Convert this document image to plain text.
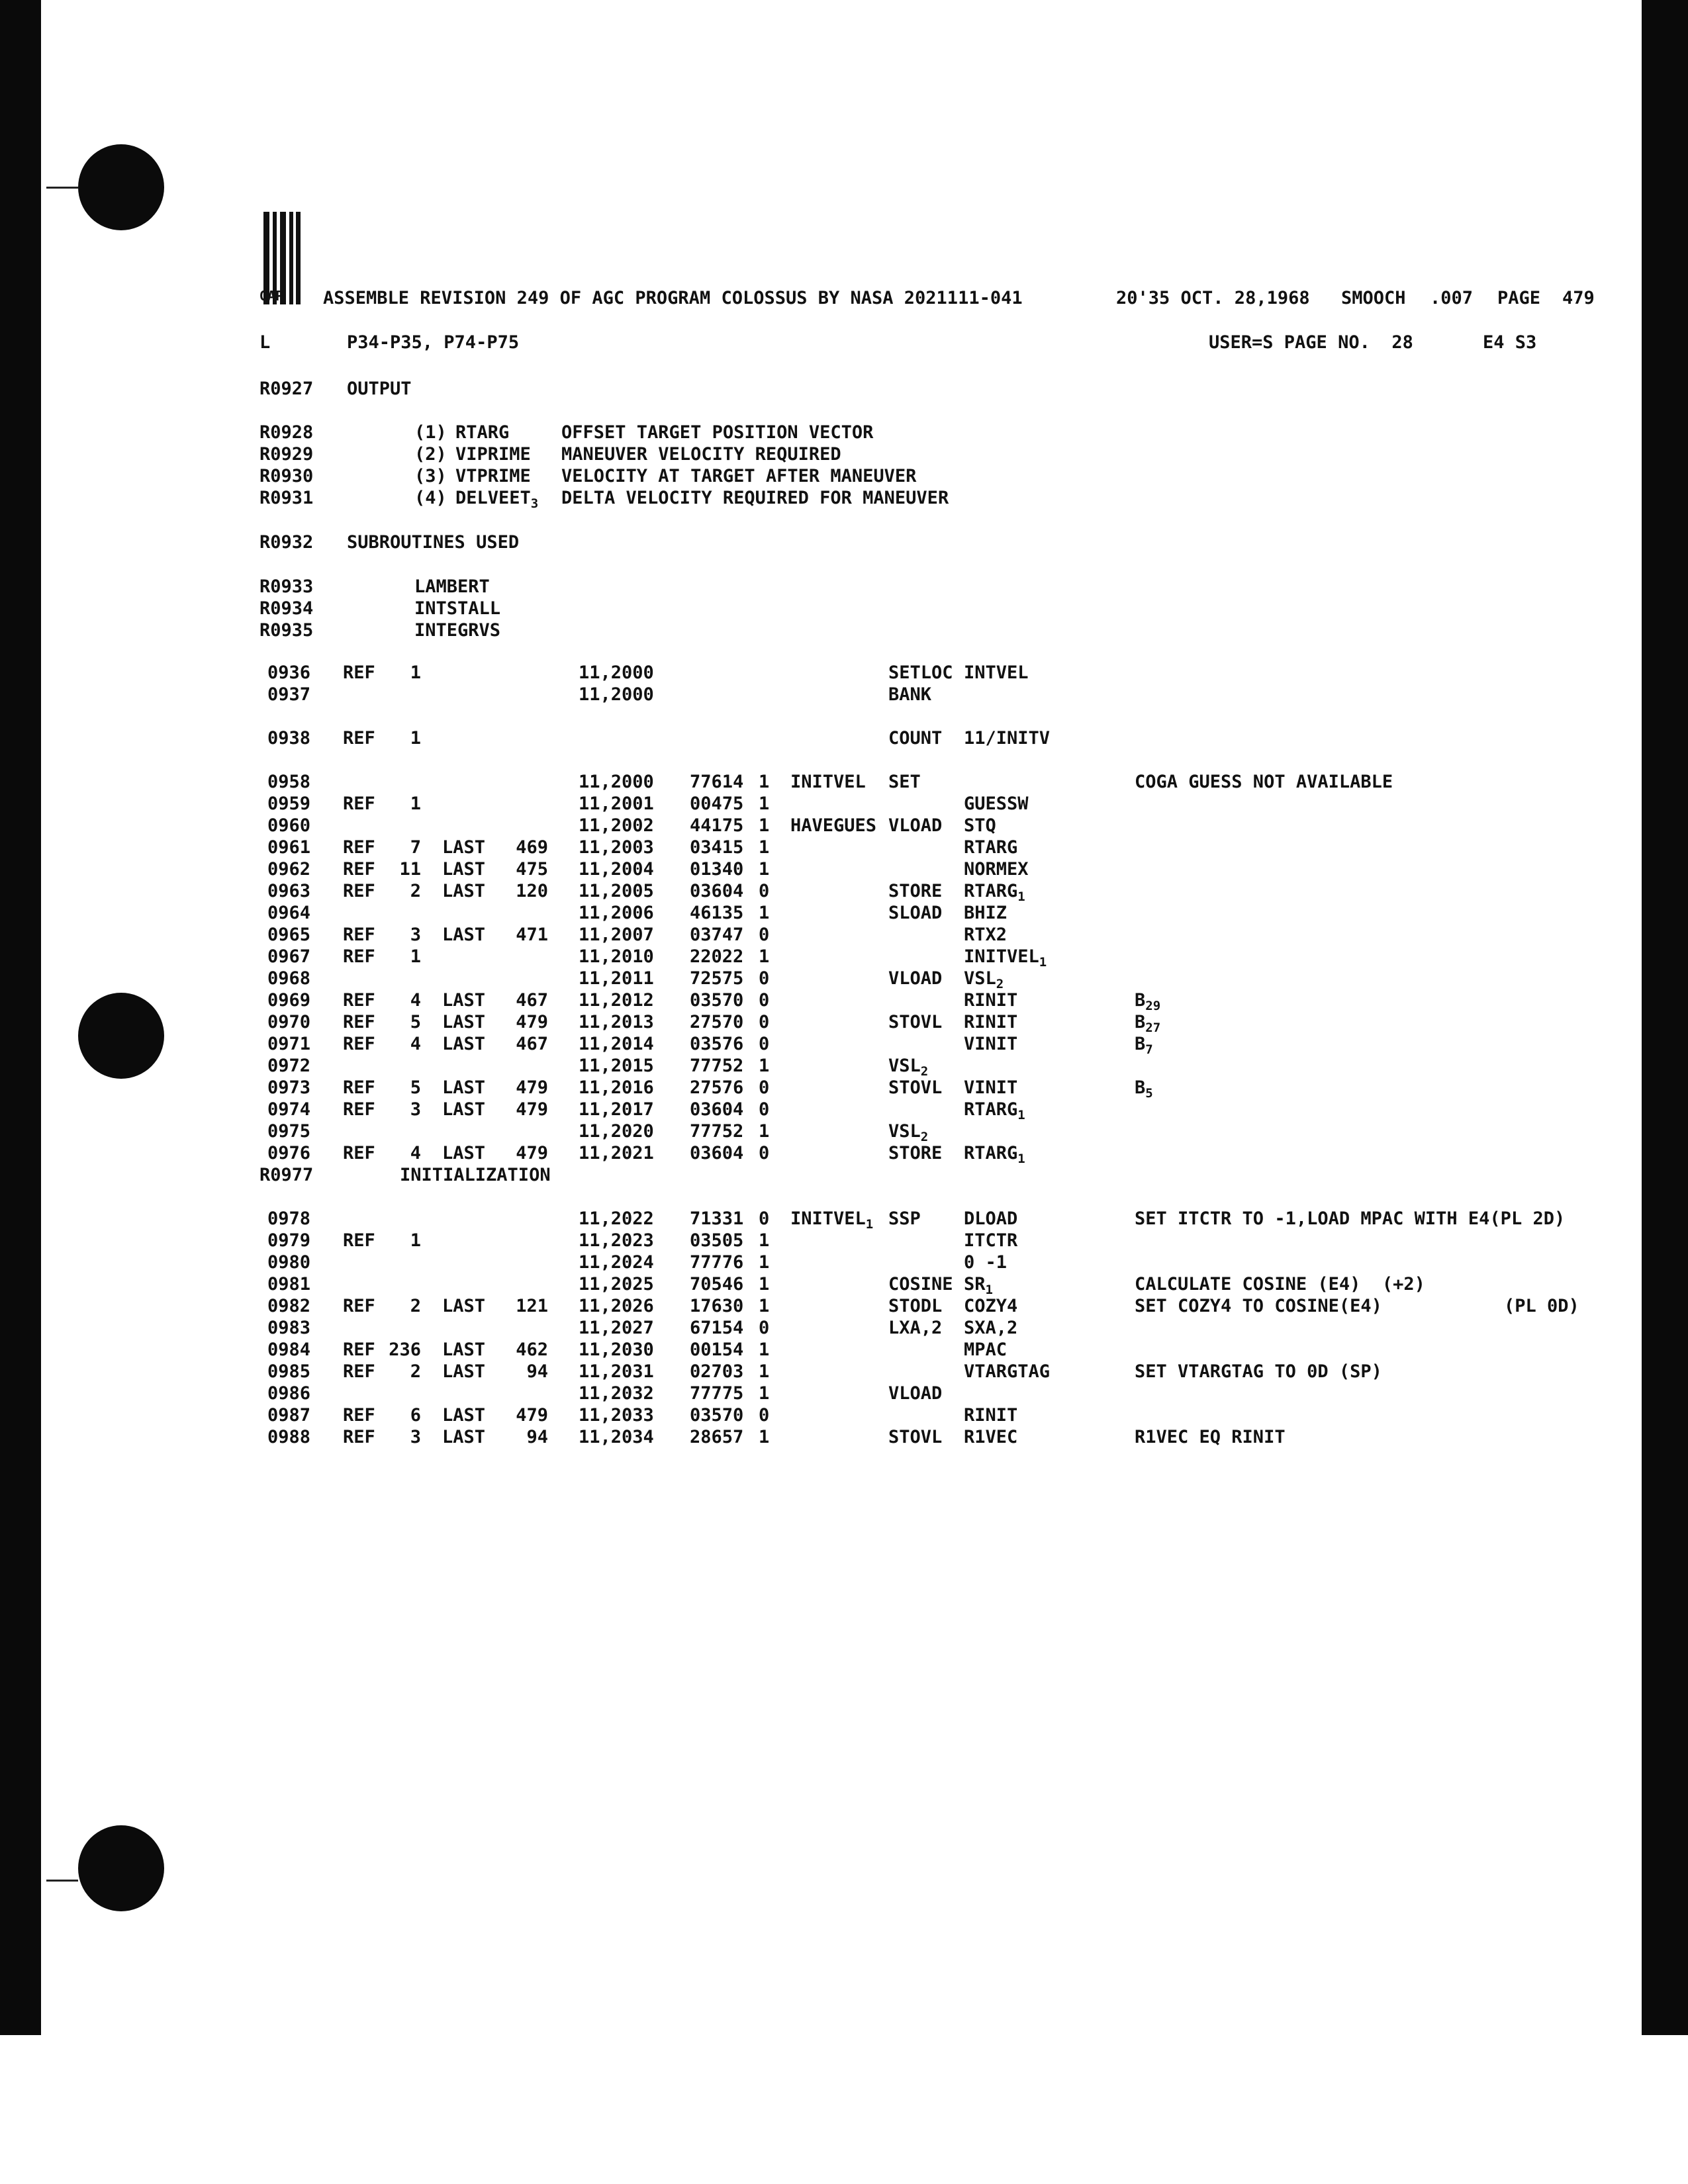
GAP ASSEMBLE REVISION 249 OF AGC PROGRAM COLOSSUS BY NASA 2021111-041	20'35 OCT. 28,1968 SMOOCH .007 PAGE 479
L	P34-P35, P74-P75	USER=S PAGE NO.  28	E4 S3
R0927 OUTPUT
R0928	(1) RTARG	OFFSET TARGET POSITION VECTOR
R0929	(2) VIPRIME MANEUVER VELOCITY REQUIRED
R0930	(3) VTPRIME VELOCITY AT TARGET AFTER MANEUVER
R0931	(4) $DELVEET_3$ DELTA VELOCITY REQUIRED FOR MANEUVER
R0932 SUBROUTINES USED
R0933	LAMBERT
R0934	INTSTALL
R0935	INTEGRVS
0936 REF 1	11,2000	SETLOC INTVEL
0937	11,2000	BANK
0938 REF 1	COUNT 11/INITV
0958	11,2000 77614 1 INITVEL SET	COGA GUESS NOT AVAILABLE
0959 REF 1	11,2001 00475 1	GUESSW
0960	11,2002 44175 1 HAVEGUES VLOAD STQ
0961 REF 7 LAST 469 11,2003 03415 1	RTARG
0962 REF 11 LAST 475 11,2004 01340 1	NORMEX
0963 REF 2 LAST 120 11,2005 03604 0	STORE $RTARG_1$
0964	11,2006 46135 1	SLOAD BHIZ
0965 REF 3 LAST 471 11,2007 03747 0	RTX2
0967 REF 1	11,2010 22022 1	$INITVEL_1$
0968	11,2011 72575 0	VLOAD $VSL_2$
0969 REF 4 LAST 467 11,2012 03570 0	RINIT	$B_{29}$
0970 REF 5 LAST 479 11,2013 27570 0	STOVL RINIT	$B_{27}$
0971 REF 4 LAST 467 11,2014 03576 0	VINIT	$B_7$
0972	11,2015 77752 1	$VSL_2$
0973 REF 5 LAST 479 11,2016 27576 0	STOVL VINIT	$B_5$
0974 REF 3 LAST 479 11,2017 03604 0	$RTARG_1$
0975	11,2020 77752 1	$VSL_2$
0976 REF 4 LAST 479 11,2021 03604 0	STORE $RTARG_1$
R0977	INITIALIZATION
0978	11,2022 71331 0 $INITVEL_1$ SSP DLOAD	SET ITCTR TO -1,LOAD MPAC WITH E4(PL 2D)
0979 REF 1	11,2023 03505 1	ITCTR
0980	11,2024 77776 1	0 -1
0981	11,2025 70546 1	COSINE $SR_1$	CALCULATE COSINE (E4)  (+2)
0982 REF 2 LAST 121 11,2026 17630 1	STODL COZY4	SET COZY4 TO COSINE(E4)	(PL 0D)
0983	11,2027 67154 0	LXA,2 SXA,2
0984 REF 236 LAST 462 11,2030 00154 1	MPAC
0985 REF 2 LAST 94 11,2031 02703 1	VTARGTAG	SET VTARGTAG TO 0D (SP)
0986	11,2032 77775 1	VLOAD
0987 REF 6 LAST 479 11,2033 03570 0	RINIT
0988 REF 3 LAST 94 11,2034 28657 1	STOVL R1VEC	R1VEC EQ RINIT
